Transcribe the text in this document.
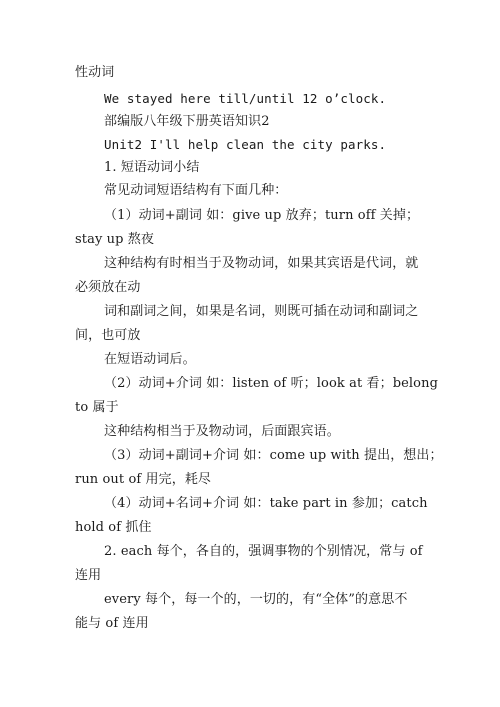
性动词
We stayed here till/until 12 o’clock.
部编版八年级下册英语知识2
Unit2 I'll help clean the city parks.
1. 短语动词小结
常见动词短语结构有下面几种：
（1）动词+副词 如：give up 放弃；turn off 关掉；
stay up 熬夜
这种结构有时相当于及物动词，如果其宾语是代词，就
必须放在动
词和副词之间，如果是名词，则既可插在动词和副词之
间，也可放
在短语动词后。
（2）动词+介词 如：listen of 听；look at 看；belong
to 属于
这种结构相当于及物动词，后面跟宾语。
（3）动词+副词+介词 如：come up with 提出，想出；
run out of 用完，耗尽
（4）动词+名词+介词 如：take part in 参加；catch
hold of 抓住
2. each 每个，各自的，强调事物的个别情况，常与 of
连用
every 每个，每一个的，一切的，有“全体”的意思不
能与 of 连用
